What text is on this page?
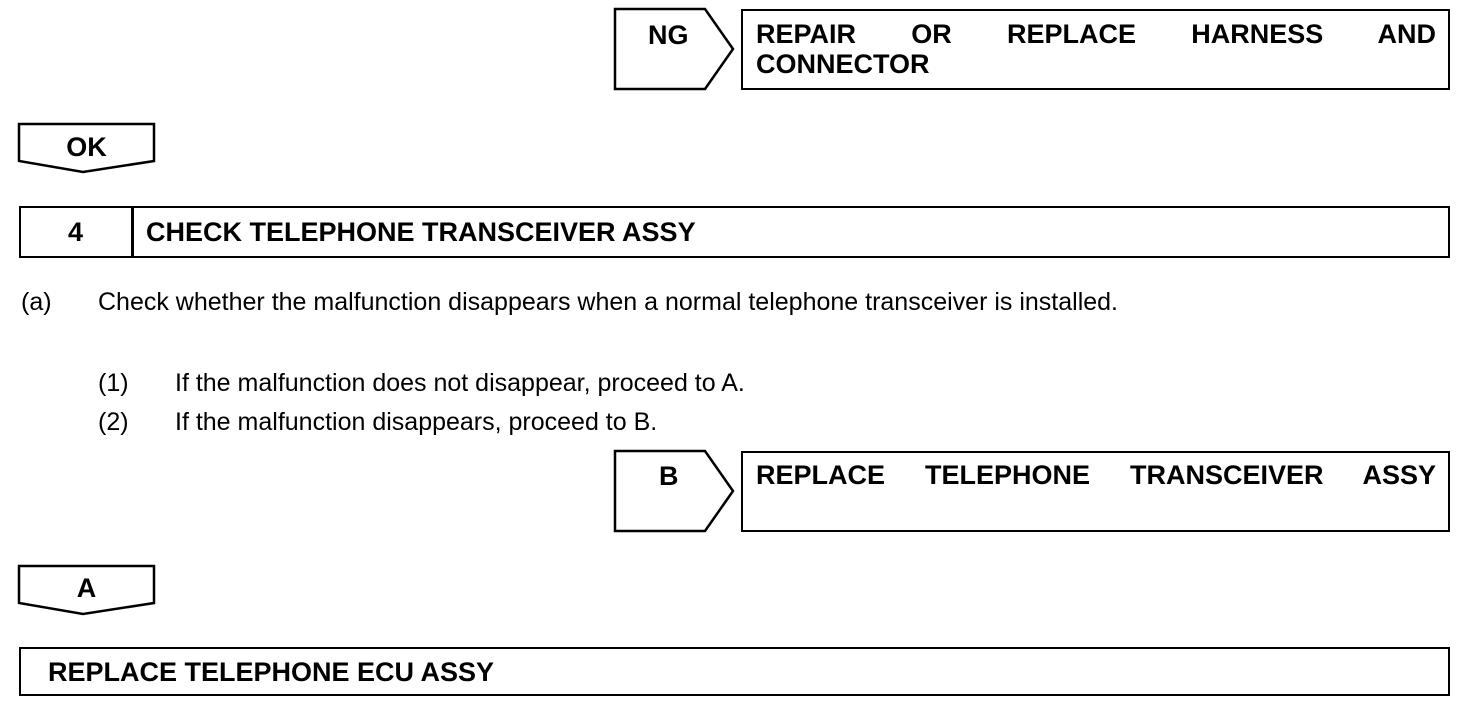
NG	REPAIR OR REPLACE HARNESS AND
CONNECTOR
OK
4	CHECK TELEPHONE TRANSCEIVER ASSY
(a) Check whether the malfunction disappears when a normal telephone transceiver is installed.
(1) If the malfunction does not disappear, proceed to A.
(2) If the malfunction disappears, proceed to B.
B	REPLACE TELEPHONE TRANSCEIVER ASSY
A
REPLACE TELEPHONE ECU ASSY
